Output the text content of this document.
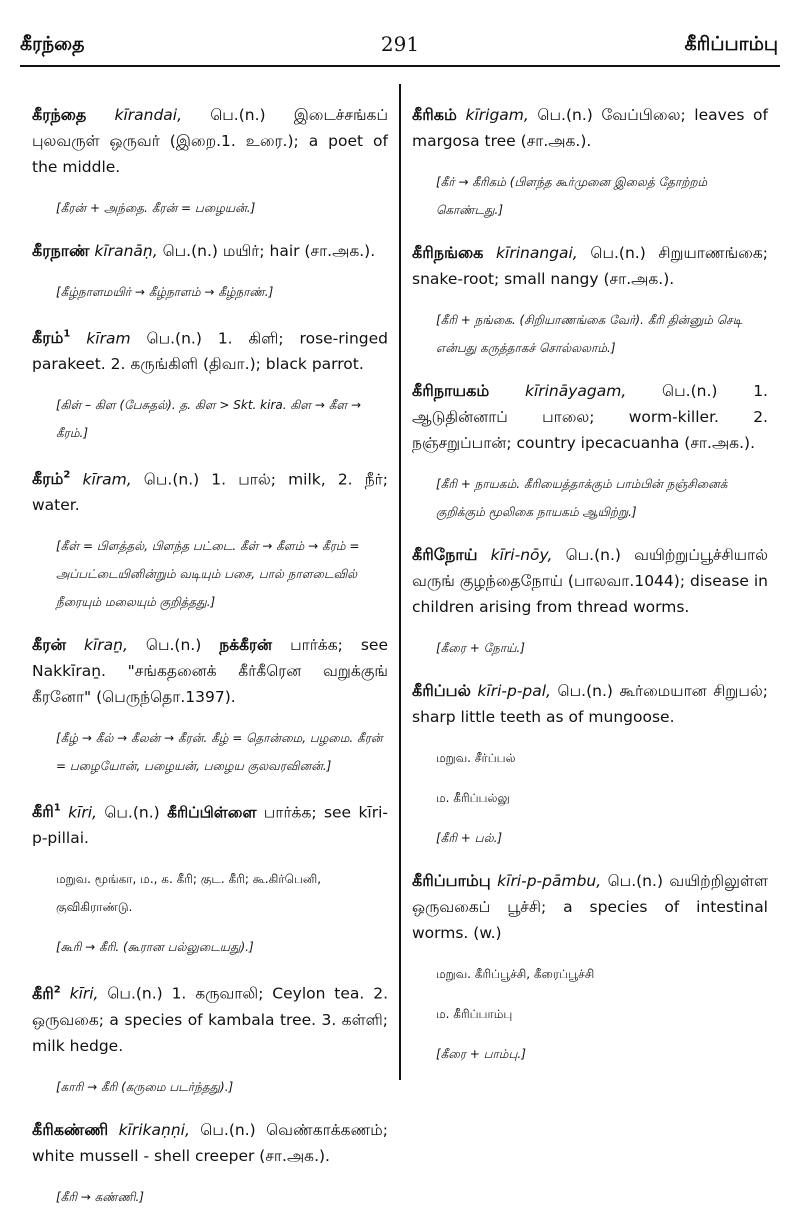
கீரந்தை	291	கீரிப்பாம்பு

கீரந்தை kīrandai, பெ.(n.) இடைச்சங்கப் புலவருள் ஒருவர் (இறை.1. உரை.); a poet of the middle.

[கீரன் + அந்தை. கீரன் = பழையன்.]

கீரநாண் kīranāṇ, பெ.(n.) மயிர்; hair (சா.அக.).

[கீழ்நாளமயிர் → கீழ்நாளம் → கீழ்நாண்.]

கீரம்$^1$ kīram பெ.(n.) 1. கிளி; rose-ringed parakeet. 2. கருங்கிளி (திவா.); black parrot.

[கிள் – கிள (பேசுதல்). த. கிள > Skt. kira. கிள → கீள → கீரம்.]

கீரம்$^2$ kīram, பெ.(n.) 1. பால்; milk, 2. நீர்; water.

[கீள் = பிளத்தல், பிளந்த பட்டை. கீள் → கீளம் → கீரம் = அப்பட்டையினின்றும் வடியும் பசை, பால் நாளடைவில் நீரையும் மலையும் குறித்தது.]

கீரன் kīraṉ, பெ.(n.) நக்கீரன் பார்க்க; see Nakkīraṉ. "சங்கதனைக் கீர்கீரென வறுக்குங் கீரனோ" (பெருந்தொ.1397).

[கீழ் → கீல் → கீலன் → கீரன். கீழ் = தொன்மை, பழமை. கீரன் = பழையோன், பழையன், பழைய குலவரவினன்.]

கீரி$^1$ kīri, பெ.(n.) கீரிப்பிள்ளை பார்க்க; see kīri-p-pillai.

மறுவ. மூங்கா, ம., க. கீரி; குட. கீரி; கூ.கிர்பெனி, குவிகிராண்டு.

[கூரி → கீரி. (கூரான பல்லுடையது).]

கீரி$^2$ kīri, பெ.(n.) 1. கருவாலி; Ceylon tea. 2. ஒருவகை; a species of kambala tree. 3. கள்ளி; milk hedge.

[காரி → கீரி (கருமை படர்ந்தது).]

கீரிகண்ணி kīrikaṇṇi, பெ.(n.) வெண்காக்கணம்; white mussell - shell creeper (சா.அக.).

[கீரி → கண்ணி.]

கீரிகம் kīrigam, பெ.(n.) வேப்பிலை; leaves of margosa tree (சா.அக.).

[கீர் → கீரிகம் (பிளந்த கூர்முனை இலைத் தோற்றம் கொண்டது.]

கீரிநங்கை kīrinangai, பெ.(n.) சிறுயாணங்கை; snake-root; small nangy (சா.அக.).

[கீரி + நங்கை. (சிறியாணங்கை வேர்). கீரி தின்னும் செடி என்பது கருத்தாகச் சொல்லலாம்.]

கீரிநாயகம் kīrināyagam, பெ.(n.) 1. ஆடுதின்னாப் பாலை; worm-killer. 2. நஞ்சறுப்பான்; country ipecacuanha (சா.அக.).

[கீரி + நாயகம். கீரியைத்தாக்கும் பாம்பின் நஞ்சினைக் குறிக்கும் மூலிகை நாயகம் ஆயிற்று.]

கீரிநோய் kīri-nōy, பெ.(n.) வயிற்றுப்பூச்சியால் வருங் குழந்தைநோய் (பாலவா.1044); disease in children arising from thread worms.

[கீரை + நோய்.]

கீரிப்பல் kīri-p-pal, பெ.(n.) கூர்மையான சிறுபல்; sharp little teeth as of mungoose.

மறுவ. சீர்ப்பல்

ம. கீரிப்பல்லு

[கீரி + பல்.]

கீரிப்பாம்பு kīri-p-pāmbu, பெ.(n.) வயிற்றிலுள்ள ஒருவகைப் பூச்சி; a species of intestinal worms. (w.)

மறுவ. கீரிப்பூச்சி, கீரைப்பூச்சி

ம. கீரிப்பாம்பு

[கீரை + பாம்பு.]
